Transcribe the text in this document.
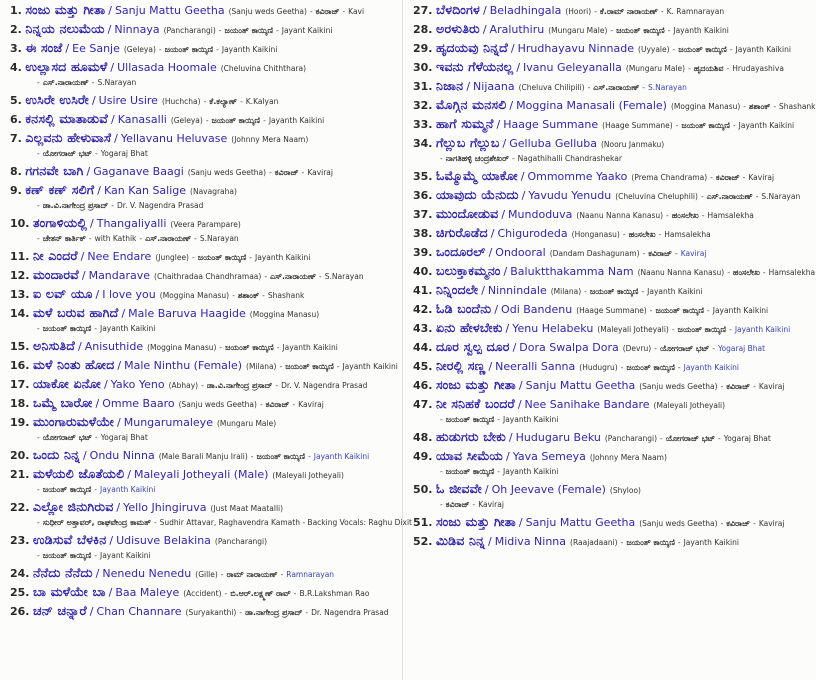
1. ಸಂಜು ಮತ್ತು ಗೀತಾ / Sanju Mattu Geetha (Sanju weds Geetha) - ಕವಿರಾಜ್ - Kavi
2. ನಿನ್ನಯ ನಲುಮೆಯ / Ninnaya (Pancharangi) - ಜಯಂತ್ ಕಾಯ್ಕಿಣಿ - Jayant Kaikini
3. ಈ ಸಂಜೆ / Ee Sanje (Geleya) - ಜಯಂತ್ ಕಾಯ್ಕಿಣಿ - Jayanth Kaikini
4. ಉಲ್ಲಾಸದ ಹೂಮಳೆ / Ullasada Hoomale (Cheluvina Chiththara)
- ಎಸ್.ನಾರಾಯಣ್ - S.Narayan
5. ಉಸಿರೇ ಉಸಿರೇ / Usire Usire (Huchcha) - ಕೆ.ಕಲ್ಯಾಣ್ - K.Kalyan
6. ಕನಸಲ್ಲಿ ಮಾತಾಡುವೆ / Kanasalli (Geleya) - ಜಯಂತ್ ಕಾಯ್ಕಿಣಿ - Jayanth Kaikini
7. ಎಲ್ಲವನು ಹೇಳುವಾಸೆ / Yellavanu Heluvase (Johnny Mera Naam)
- ಯೋಗರಾಜ್ ಭಟ್ - Yogaraj Bhat
8. ಗಗನವೇ ಬಾಗಿ / Gaganave Baagi (Sanju weds Geetha) - ಕವಿರಾಜ್ - Kaviraj
9. ಕಣ್ ಕಣ್ ಸಲಿಗೆ / Kan Kan Salige (Navagraha)
- ಡಾ.ವಿ.ನಾಗೇಂದ್ರ ಪ್ರಸಾದ್ - Dr. V. Nagendra Prasad
10. ತಂಗಾಳಿಯಲ್ಲಿ / Thangaliyalli (Veera Parampare)
- ಚೇತನ್ ಕಾರ್ತಿಕ್ - with Kathik - ಎಸ್.ನಾರಾಯಣ್ - S.Narayan
11. ನೀ ಎಂದರೆ / Nee Endare (Junglee) - ಜಯಂತ್ ಕಾಯ್ಕಿಣಿ - Jayanth Kaikini
12. ಮಂದಾರವೆ / Mandarave (Chaithradaa Chandhramaa) - ಎಸ್.ನಾರಾಯಣ್ - S.Narayan
13. ಐ ಲವ್ ಯೂ / I love you (Moggina Manasu) - ಶಶಾಂಕ್ - Shashank
14. ಮಳೆ ಬರುವ ಹಾಗಿದೆ / Male Baruva Haagide (Moggina Manasu)
- ಜಯಂತ್ ಕಾಯ್ಕಿಣಿ - Jayanth Kaikini
15. ಅನಿಸುತಿದೆ / Anisuthide (Moggina Manasu) - ಜಯಂತ್ ಕಾಯ್ಕಿಣಿ - Jayanth Kaikini
16. ಮಳೆ ನಿಂತು ಹೋದ / Male Ninthu (Female) (Milana) - ಜಯಂತ್ ಕಾಯ್ಕಿಣಿ - Jayanth Kaikini
17. ಯಾಕೋ ಏನೋ / Yako Yeno (Abhay) - ಡಾ.ವಿ.ನಾಗೇಂದ್ರ ಪ್ರಸಾದ್ - Dr. V. Nagendra Prasad
18. ಒಮ್ಮೆ ಬಾರೋ / Omme Baaro (Sanju weds Geetha) - ಕವಿರಾಜ್ - Kaviraj
19. ಮುಂಗಾರುಮಳೆಯೇ / Mungarumaleye (Mungaru Male)
- ಯೋಗರಾಜ್ ಭಟ್ - Yogaraj Bhat
20. ಒಂದು ನಿನ್ನ / Ondu Ninna (Male Barali Manju Irali) - ಜಯಂತ್ ಕಾಯ್ಕಿಣಿ - Jayanth Kaikini
21. ಮಳೆಯಲಿ ಜೊತೆಯಲಿ / Maleyali Jotheyali (Male) (Maleyali Jotheyali)
- ಜಯಂತ್ ಕಾಯ್ಕಿಣಿ - Jayanth Kaikini
22. ಎಲ್ಲೋ ಜಿನುಗಿರುವ / Yello Jhingiruva (Just Maat Maatalli)
- ಸುಧೀರ್ ಅತ್ತಾವರ್, ರಾಘವೇಂದ್ರ ಕಾಮತ್ - Sudhir Attavar, Raghavendra Kamath - Backing Vocals: Raghu Dixit
23. ಉಡಿಸುವೆ ಬೆಳಕಿನ / Udisuve Belakina (Pancharangi)
- ಜಯಂತ್ ಕಾಯ್ಕಿಣಿ - Jayant Kaikini
24. ನೆನೆದು ನೆನೆದು / Nenedu Nenedu (Gille) - ರಾಮ್ ನಾರಾಯಣ್ - Ramnarayan
25. ಬಾ ಮಳೆಯೇ ಬಾ / Baa Maleye (Accident) - ಬಿ.ಆರ್.ಲಕ್ಷ್ಮಣ್ ರಾವ್ - B.R.Lakshman Rao
26. ಚನ್ ಚನ್ನಾರೆ / Chan Channare (Suryakanthi) - ಡಾ.ನಾಗೇಂದ್ರ ಪ್ರಸಾದ್ - Dr. Nagendra Prasad
27. ಬೆಳದಿಂಗಳ / Beladhingala (Hoori) - ಕೆ.ರಾಮ್ ನಾರಾಯಣ್ - K. Ramnarayan
28. ಅರಳುತಿರು / Araluthiru (Mungaru Male) - ಜಯಂತ್ ಕಾಯ್ಕಿಣಿ - Jayanth Kaikini
29. ಹೃದಯವು ನಿನ್ನದೆ / Hrudhayavu Ninnade (Uyyale) - ಜಯಂತ್ ಕಾಯ್ಕಿಣಿ - Jayanth Kaikini
30. ಇವನು ಗೆಳೆಯನಲ್ಲ / Ivanu Geleyanalla (Mungaru Male) - ಹೃದಯಶಿವ - Hrudayashiva
31. ನಿಜಾನ / Nijaana (Cheluva Chilipili) - ಎಸ್.ನಾರಾಯಣ್ - S.Narayan
32. ಮೊಗ್ಗಿನ ಮನಸಲಿ / Moggina Manasali (Female) (Moggina Manasu) - ಶಶಾಂಕ್ - Shashank
33. ಹಾಗೆ ಸುಮ್ಮನೆ / Haage Summane (Haage Summane) - ಜಯಂತ್ ಕಾಯ್ಕಿಣಿ - Jayanth Kaikini
34. ಗೆಲ್ಲುಬ ಗೆಲ್ಲುಬ / Gelluba Gelluba (Nooru Janmaku)
- ನಾಗತಿಹಳ್ಳಿ ಚಂದ್ರಶೇಖರ್ - Nagathihalli Chandrashekar
35. ಓಮ್ಮೊಮ್ಮೆ ಯಾಕೋ / Ommomme Yaako (Prema Chandrama) - ಕವಿರಾಜ್ - Kaviraj
36. ಯಾವುದು ಯೆನುದು / Yavudu Yenudu (Cheluvina Cheluphili) - ಎಸ್.ನಾರಾಯಣ್ - S.Narayan
37. ಮುಂದೋಡುವ / Mundoduva (Naanu Nanna Kanasu) - ಹಂಸಲೇಖ - Hamsalekha
38. ಚಿಗುರೊಡೆದ / Chigurodeda (Honganasu) - ಹಂಸಲೇಖ - Hamsalekha
39. ಒಂದೂರಲ್ / Ondooral (Dandam Dashagunam) - ಕವಿರಾಜ್ - Kaviraj
40. ಬಲುಕ್ತಾಕಮ್ಮನಂ / Baluktthakamma Nam (Naanu Nanna Kanasu) - ಹಂಸಲೇಖ - Hamsalekha
41. ನಿನ್ನಿಂದಲೇ / Ninnindale (Milana) - ಜಯಂತ್ ಕಾಯ್ಕಿಣಿ - Jayanth Kaikini
42. ಓಡಿ ಬಂದೆನು / Odi Bandenu (Haage Summane) - ಜಯಂತ್ ಕಾಯ್ಕಿಣಿ - Jayanth Kaikini
43. ಏನು ಹೇಳಬೇಕು / Yenu Helabeku (Maleyali Jotheyali) - ಜಯಂತ್ ಕಾಯ್ಕಿಣಿ - Jayanth Kaikini
44. ದೂರ ಸ್ವಲ್ಪ ದೂರ / Dora Swalpa Dora (Devru) - ಯೋಗರಾಜ್ ಭಟ್ - Yogaraj Bhat
45. ನೀರಲ್ಲಿ ಸಣ್ಣ / Neeralli Sanna (Hudugru) - ಜಯಂತ್ ಕಾಯ್ಕಿಣಿ - Jayanth Kaikini
46. ಸಂಜು ಮತ್ತು ಗೀತಾ / Sanju Mattu Geetha (Sanju weds Geetha) - ಕವಿರಾಜ್ - Kaviraj
47. ನೀ ಸನಿಹಕೆ ಬಂದರೆ / Nee Sanihake Bandare (Maleyali Jotheyali)
- ಜಯಂತ್ ಕಾಯ್ಕಿಣಿ - Jayanth Kaikini
48. ಹುಡುಗರು ಬೇಕು / Hudugaru Beku (Pancharangi) - ಯೋಗರಾಜ್ ಭಟ್ - Yogaraj Bhat
49. ಯಾವ ಸೀಮೆಯ / Yava Semeya (Johnny Mera Naam)
- ಜಯಂತ್ ಕಾಯ್ಕಿಣಿ - Jayanth Kaikini
50. ಓ ಜೀವವೇ / Oh Jeevave (Female) (Shyloo)
- ಕವಿರಾಜ್ - Kaviraj
51. ಸಂಜು ಮತ್ತು ಗೀತಾ / Sanju Mattu Geetha (Sanju weds Geetha) - ಕವಿರಾಜ್ - Kaviraj
52. ಮಿಡಿವ ನಿನ್ನ / Midiva Ninna (Raajadaani) - ಜಯಂತ್ ಕಾಯ್ಕಿಣಿ - Jayanth Kaikini
